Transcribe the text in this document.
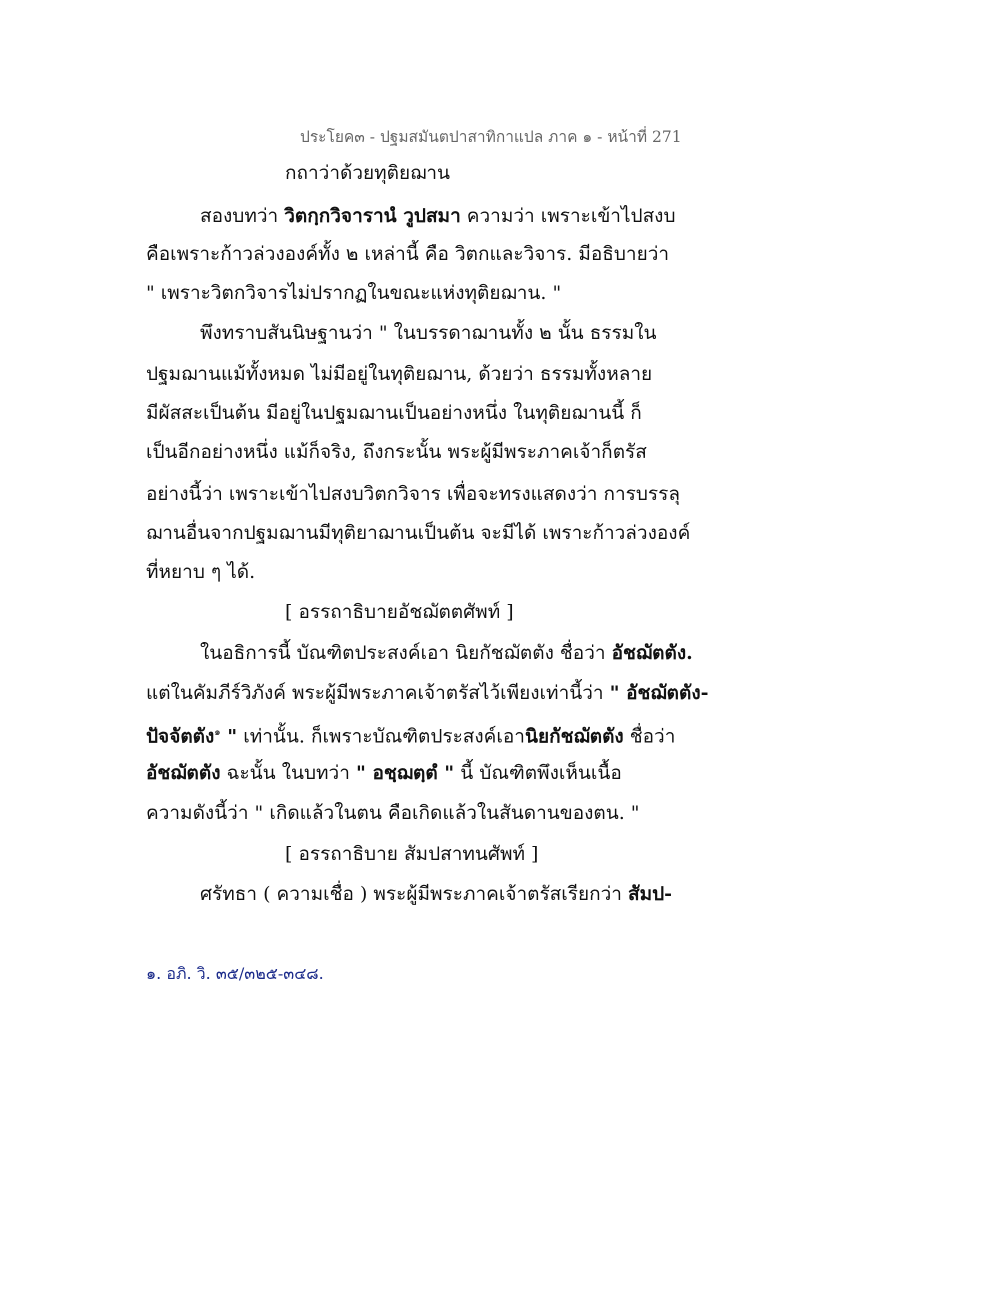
ประโยค๓ - ปฐมสมันตปาสาทิกาแปล ภาค ๑ - หน้าที่ 271
กถาว่าด้วยทุติยฌาน
สองบทว่า วิตกฺกวิจารานํ วูปสมา ความว่า เพราะเข้าไปสงบ
คือเพราะก้าวล่วงองค์ทั้ง ๒ เหล่านี้ คือ วิตกและวิจาร. มีอธิบายว่า
" เพราะวิตกวิจารไม่ปรากฏในขณะแห่งทุติยฌาน. "
พึงทราบสันนิษฐานว่า " ในบรรดาฌานทั้ง ๒ นั้น ธรรมใน
ปฐมฌานแม้ทั้งหมด ไม่มีอยู่ในทุติยฌาน, ด้วยว่า ธรรมทั้งหลาย
มีผัสสะเป็นต้น มีอยู่ในปฐมฌานเป็นอย่างหนึ่ง ในทุติยฌานนี้ ก็
เป็นอีกอย่างหนึ่ง แม้ก็จริง, ถึงกระนั้น พระผู้มีพระภาคเจ้าก็ตรัส
อย่างนี้ว่า เพราะเข้าไปสงบวิตกวิจาร เพื่อจะทรงแสดงว่า การบรรลุ
ฌานอื่นจากปฐมฌานมีทุติยาฌานเป็นต้น จะมีได้ เพราะก้าวล่วงองค์
ที่หยาบ ๆ ได้.
[ อรรถาธิบายอัชฌัตตศัพท์ ]
ในอธิการนี้ บัณฑิตประสงค์เอา นิยกัชฌัตตัง ชื่อว่า อัชฌัตตัง.
แต่ในคัมภีร์วิภังค์ พระผู้มีพระภาคเจ้าตรัสไว้เพียงเท่านี้ว่า " อัชฌัตตัง-
ปัจจัตตัง$^๑$ " เท่านั้น. ก็เพราะบัณฑิตประสงค์เอานิยกัชฌัตตัง ชื่อว่า
อัชฌัตตัง ฉะนั้น ในบทว่า " อชฺฌตฺตํ " นี้ บัณฑิตพึงเห็นเนื้อ
ความดังนี้ว่า " เกิดแล้วในตน คือเกิดแล้วในสันดานของตน. "
[ อรรถาธิบาย สัมปสาทนศัพท์ ]
ศรัทธา ( ความเชื่อ ) พระผู้มีพระภาคเจ้าตรัสเรียกว่า สัมป-
๑. อภิ. วิ. ๓๕/๓๒๕-๓๔๘.
